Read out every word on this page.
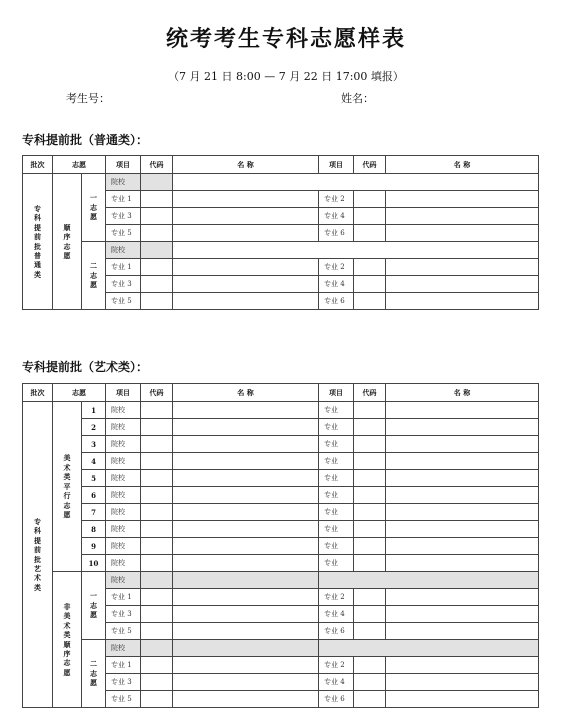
统考考生专科志愿样表
（7 月 21 日 8:00 — 7 月 22 日 17:00 填报）
考生号：	姓名：
专科提前批（普通类）：
批次	志愿		项目	代码	名 称	项目	代码	名 称
专科提前批普通类	顺序志愿	一志愿	院校					
			专业 1			专业 2		
			专业 3			专业 4		
			专业 5			专业 6		
		二志愿	院校					
			专业 1			专业 2		
			专业 3			专业 4		
			专业 5			专业 6		
专科提前批（艺术类）：
批次	志愿		项目	代码	名 称	项目	代码	名 称
专科提前批艺术类	美术类平行志愿	1	院校			专业		
		2	院校			专业		
		3	院校			专业		
		4	院校			专业		
		5	院校			专业		
		6	院校			专业		
		7	院校			专业		
		8	院校			专业		
		9	院校			专业		
		10	院校			专业		
	非美术类顺序志愿	一志愿	院校					
			专业 1			专业 2		
			专业 3			专业 4		
			专业 5			专业 6		
		二志愿	院校					
			专业 1			专业 2		
			专业 3			专业 4		
			专业 5			专业 6		
